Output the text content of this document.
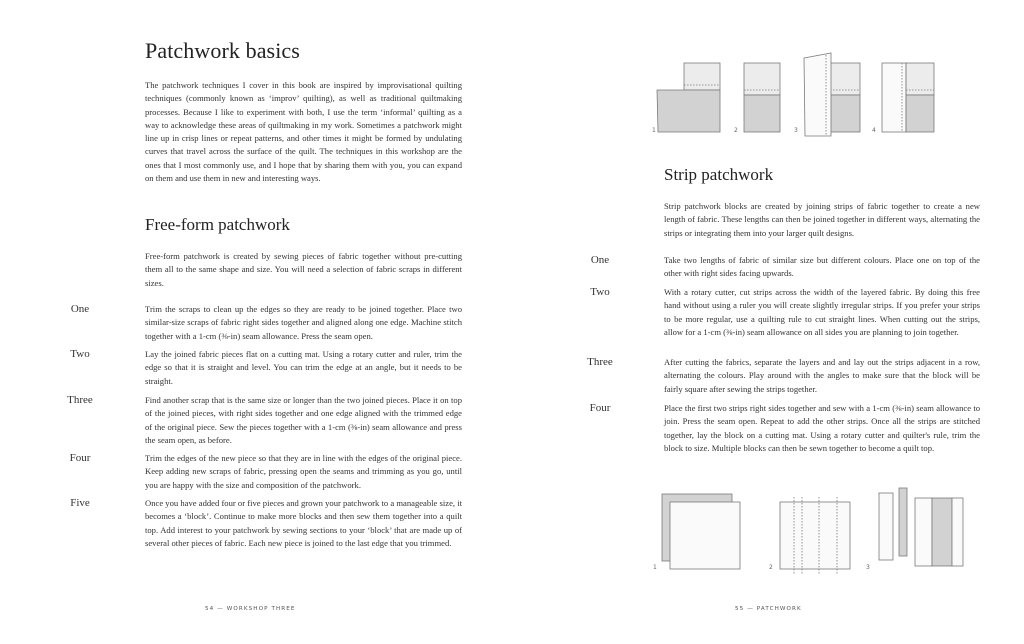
Patchwork basics

The patchwork techniques I cover in this book are inspired by improvisational quilting techniques (commonly known as ‘improv’ quilting), as well as traditional quiltmaking processes. Because I like to experiment with both, I use the term ‘informal’ quilting as a way to acknowledge these areas of quiltmaking in my work. Sometimes a patchwork might line up in crisp lines or repeat patterns, and other times it might be formed by undulating curves that travel across the surface of the quilt. The techniques in this workshop are the ones that I most commonly use, and I hope that by sharing them with you, you can expand on them and use them in new and interesting ways.

Free-form patchwork

Free-form patchwork is created by sewing pieces of fabric together without pre-cutting them all to the same shape and size. You will need a selection of fabric scraps in different sizes.

One	Trim the scraps to clean up the edges so they are ready to be joined together. Place two similar-size scraps of fabric right sides together and aligned along one edge. Machine stitch together with a 1-cm (⅜-in) seam allowance. Press the seam open.

Two	Lay the joined fabric pieces flat on a cutting mat. Using a rotary cutter and ruler, trim the edge so that it is straight and level. You can trim the edge at an angle, but it needs to be straight.

Three	Find another scrap that is the same size or longer than the two joined pieces. Place it on top of the joined pieces, with right sides together and one edge aligned with the trimmed edge of the original piece. Sew the pieces together with a 1-cm (⅜-in) seam allowance and press the seam open, as before.

Four	Trim the edges of the new piece so that they are in line with the edges of the original piece. Keep adding new scraps of fabric, pressing open the seams and trimming as you go, until you are happy with the size and composition of the patchwork.

Five	Once you have added four or five pieces and grown your patchwork to a manageable size, it becomes a ‘block’. Continue to make more blocks and then sew them together into a quilt top. Add interest to your patchwork by sewing sections to your ‘block’ that are made up of several other pieces of fabric. Each new piece is joined to the last edge that you trimmed.

54 — WORKSHOP THREE
1	2	3	4
Strip patchwork

Strip patchwork blocks are created by joining strips of fabric together to create a new length of fabric. These lengths can then be joined together in different ways, alternating the strips or integrating them into your larger quilt designs.

One	Take two lengths of fabric of similar size but different colours. Place one on top of the other with right sides facing upwards.

Two	With a rotary cutter, cut strips across the width of the layered fabric. By doing this free hand without using a ruler you will create slightly irregular strips. If you prefer your strips to be more regular, use a quilting rule to cut straight lines. When cutting out the strips, allow for a 1-cm (⅜-in) seam allowance on all sides you are planning to join together.

Three	After cutting the fabrics, separate the layers and and lay out the strips adjacent in a row, alternating the colours. Play around with the angles to make sure that the block will be fairly square after sewing the strips together.

Four	Place the first two strips right sides together and sew with a 1-cm (⅜-in) seam allowance to join. Press the seam open. Repeat to add the other strips. Once all the strips are stitched together, lay the block on a cutting mat. Using a rotary cutter and quilter's rule, trim the block to size. Multiple blocks can then be sewn together to become a quilt top.

1	2	3
55 — PATCHWORK
